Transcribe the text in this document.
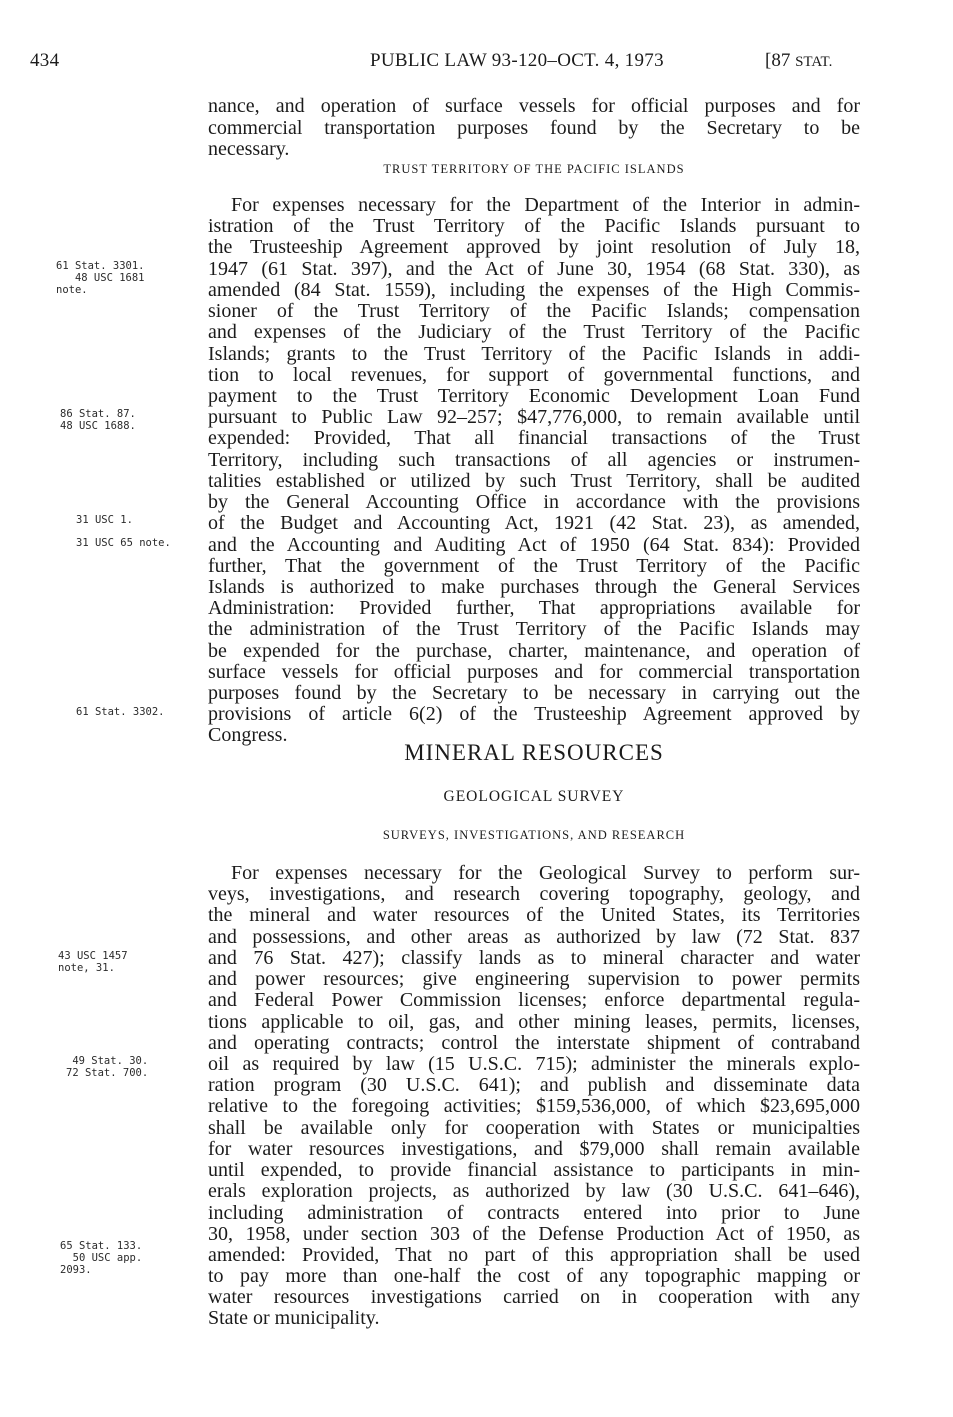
434	PUBLIC LAW 93-120–OCT. 4, 1973	[87 STAT.
nance, and operation of surface vessels for official purposes and for
commercial transportation purposes found by the Secretary to be
necessary.
TRUST TERRITORY OF THE PACIFIC ISLANDS
For expenses necessary for the Department of the Interior in admin-
istration of the Trust Territory of the Pacific Islands pursuant to
the Trusteeship Agreement approved by joint resolution of July 18,
1947 (61 Stat. 397), and the Act of June 30, 1954 (68 Stat. 330), as
amended (84 Stat. 1559), including the expenses of the High Commis-
sioner of the Trust Territory of the Pacific Islands; compensation
and expenses of the Judiciary of the Trust Territory of the Pacific
Islands; grants to the Trust Territory of the Pacific Islands in addi-
tion to local revenues, for support of governmental functions, and
payment to the Trust Territory Economic Development Loan Fund
pursuant to Public Law 92–257; $47,776,000, to remain available until
expended: Provided, That all financial transactions of the Trust
Territory, including such transactions of all agencies or instrumen-
talities established or utilized by such Trust Territory, shall be audited
by the General Accounting Office in accordance with the provisions
of the Budget and Accounting Act, 1921 (42 Stat. 23), as amended,
and the Accounting and Auditing Act of 1950 (64 Stat. 834): Provided
further, That the government of the Trust Territory of the Pacific
Islands is authorized to make purchases through the General Services
Administration: Provided further, That appropriations available for
the administration of the Trust Territory of the Pacific Islands may
be expended for the purchase, charter, maintenance, and operation of
surface vessels for official purposes and for commercial transportation
purposes found by the Secretary to be necessary in carrying out the
provisions of article 6(2) of the Trusteeship Agreement approved by
Congress.
MINERAL RESOURCES
GEOLOGICAL SURVEY
SURVEYS, INVESTIGATIONS, AND RESEARCH
For expenses necessary for the Geological Survey to perform sur-
veys, investigations, and research covering topography, geology, and
the mineral and water resources of the United States, its Territories
and possessions, and other areas as authorized by law (72 Stat. 837
and 76 Stat. 427); classify lands as to mineral character and water
and power resources; give engineering supervision to power permits
and Federal Power Commission licenses; enforce departmental regula-
tions applicable to oil, gas, and other mining leases, permits, licenses,
and operating contracts; control the interstate shipment of contraband
oil as required by law (15 U.S.C. 715); administer the minerals explo-
ration program (30 U.S.C. 641); and publish and disseminate data
relative to the foregoing activities; $159,536,000, of which $23,695,000
shall be available only for cooperation with States or municipalties
for water resources investigations, and $79,000 shall remain available
until expended, to provide financial assistance to participants in min-
erals exploration projects, as authorized by law (30 U.S.C. 641–646),
including administration of contracts entered into prior to June
30, 1958, under section 303 of the Defense Production Act of 1950, as
amended: Provided, That no part of this appropriation shall be used
to pay more than one-half the cost of any topographic mapping or
water resources investigations carried on in cooperation with any
State or municipality.
61 Stat. 3301.
48 USC 1681
note.
86 Stat. 87.
48 USC 1688.
31 USC 1.
31 USC 65 note.
61 Stat. 3302.
43 USC 1457
note, 31.
49 Stat. 30.
72 Stat. 700.
65 Stat. 133.
50 USC app.
2093.
